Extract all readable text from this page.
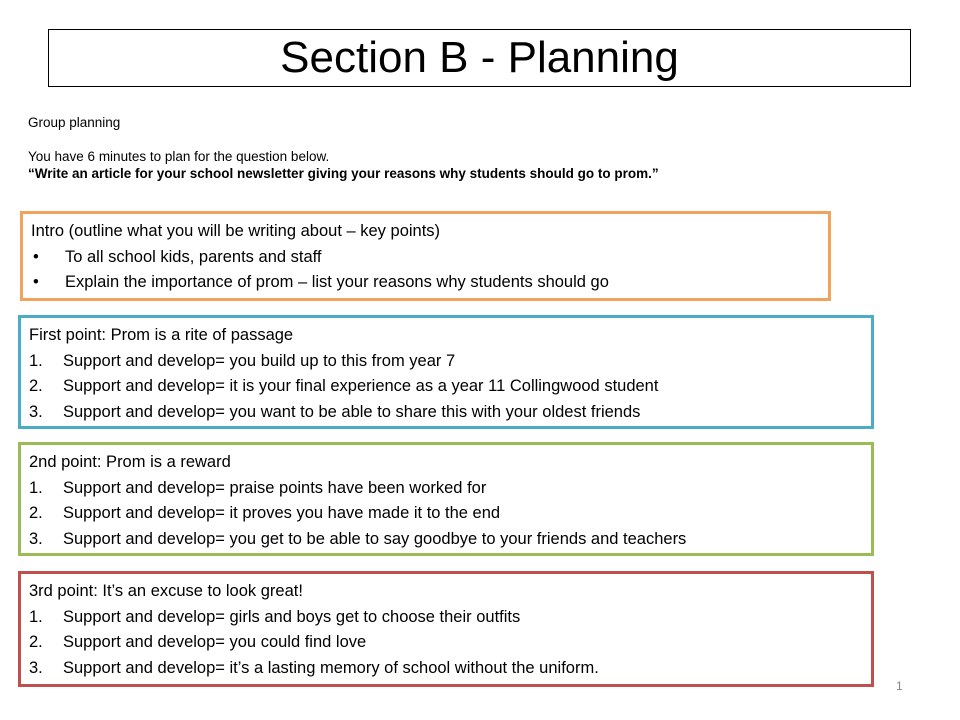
Section B - Planning
Group planning
You have 6 minutes to plan for the question below.
“Write an article for your school newsletter giving your reasons why students should go to prom.”
Intro (outline what you will be writing about – key points)
•	To all school kids, parents and staff
•	Explain the importance of prom – list your reasons why students should go
First point: Prom is a rite of passage
1.	Support and develop= you build up to this from year 7
2.	Support and develop= it is your final experience as a year 11 Collingwood student
3.	Support and develop= you want to be able to share this with your oldest friends
2nd point: Prom is a reward
1.	Support and develop= praise points have been worked for
2.	Support and develop= it proves you have made it to the end
3.	Support and develop= you get to be able to say goodbye to your friends and teachers
3rd point: It’s an excuse to look great!
1.	Support and develop= girls and boys get to choose their outfits
2.	Support and develop= you could find love
3.	Support and develop= it’s a lasting memory of school without the uniform.
1
